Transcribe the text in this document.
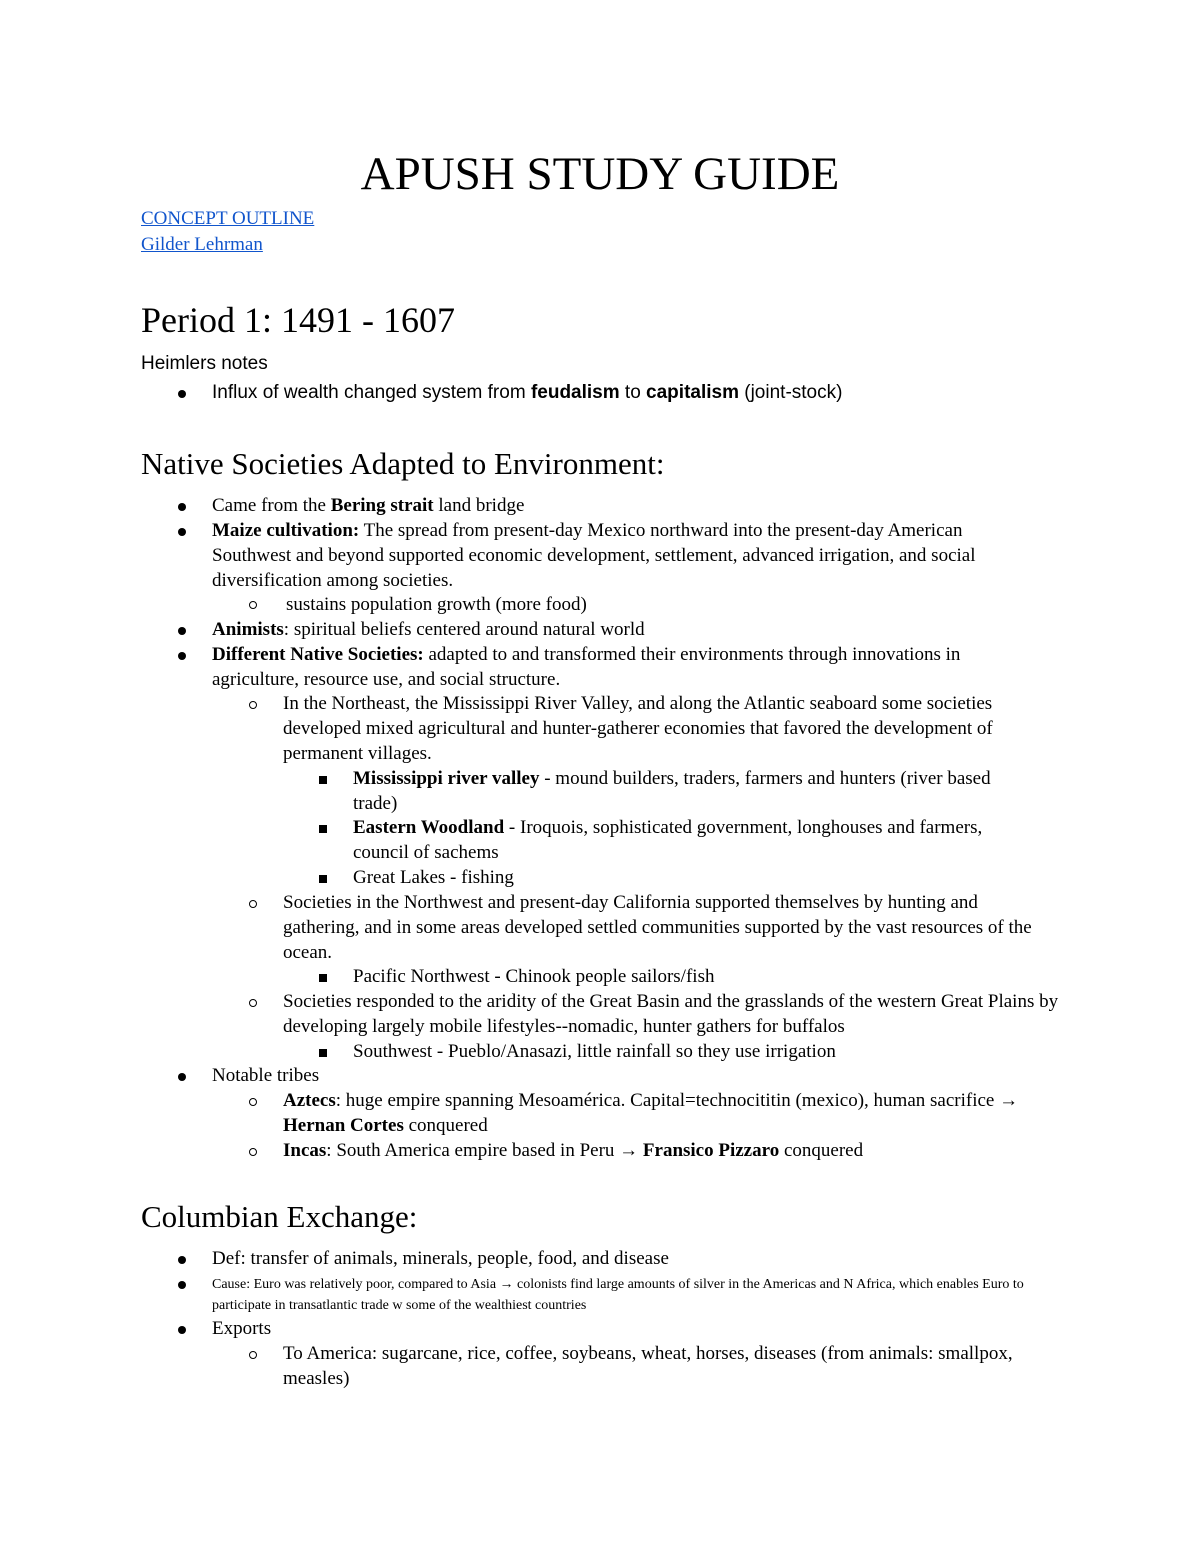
APUSH STUDY GUIDE
CONCEPT OUTLINE
Gilder Lehrman
Period 1: 1491 - 1607
Heimlers notes
Influx of wealth changed system from feudalism to capitalism (joint-stock)
Native Societies Adapted to Environment:
Came from the Bering strait land bridge
Maize cultivation: The spread from present-day Mexico northward into the present-day American Southwest and beyond supported economic development, settlement, advanced irrigation, and social diversification among societies.
sustains population growth (more food)
Animists: spiritual beliefs centered around natural world
Different Native Societies: adapted to and transformed their environments through innovations in agriculture, resource use, and social structure.
In the Northeast, the Mississippi River Valley, and along the Atlantic seaboard some societies developed mixed agricultural and hunter-gatherer economies that favored the development of permanent villages.
Mississippi river valley - mound builders, traders, farmers and hunters (river based trade)
Eastern Woodland - Iroquois, sophisticated government, longhouses and farmers, council of sachems
Great Lakes - fishing
Societies in the Northwest and present-day California supported themselves by hunting and gathering, and in some areas developed settled communities supported by the vast resources of the ocean.
Pacific Northwest - Chinook people sailors/fish
Societies responded to the aridity of the Great Basin and the grasslands of the western Great Plains by developing largely mobile lifestyles--nomadic, hunter gathers for buffalos
Southwest - Pueblo/Anasazi, little rainfall so they use irrigation
Notable tribes
Aztecs: huge empire spanning Mesoamérica. Capital=technocititin (mexico), human sacrifice → Hernan Cortes conquered
Incas: South America empire based in Peru → Fransico Pizzaro conquered
Columbian Exchange:
Def: transfer of animals, minerals, people, food, and disease
Cause: Euro was relatively poor, compared to Asia → colonists find large amounts of silver in the Americas and N Africa, which enables Euro to participate in transatlantic trade w some of the wealthiest countries
Exports
To America: sugarcane, rice, coffee, soybeans, wheat, horses, diseases (from animals: smallpox, measles)
